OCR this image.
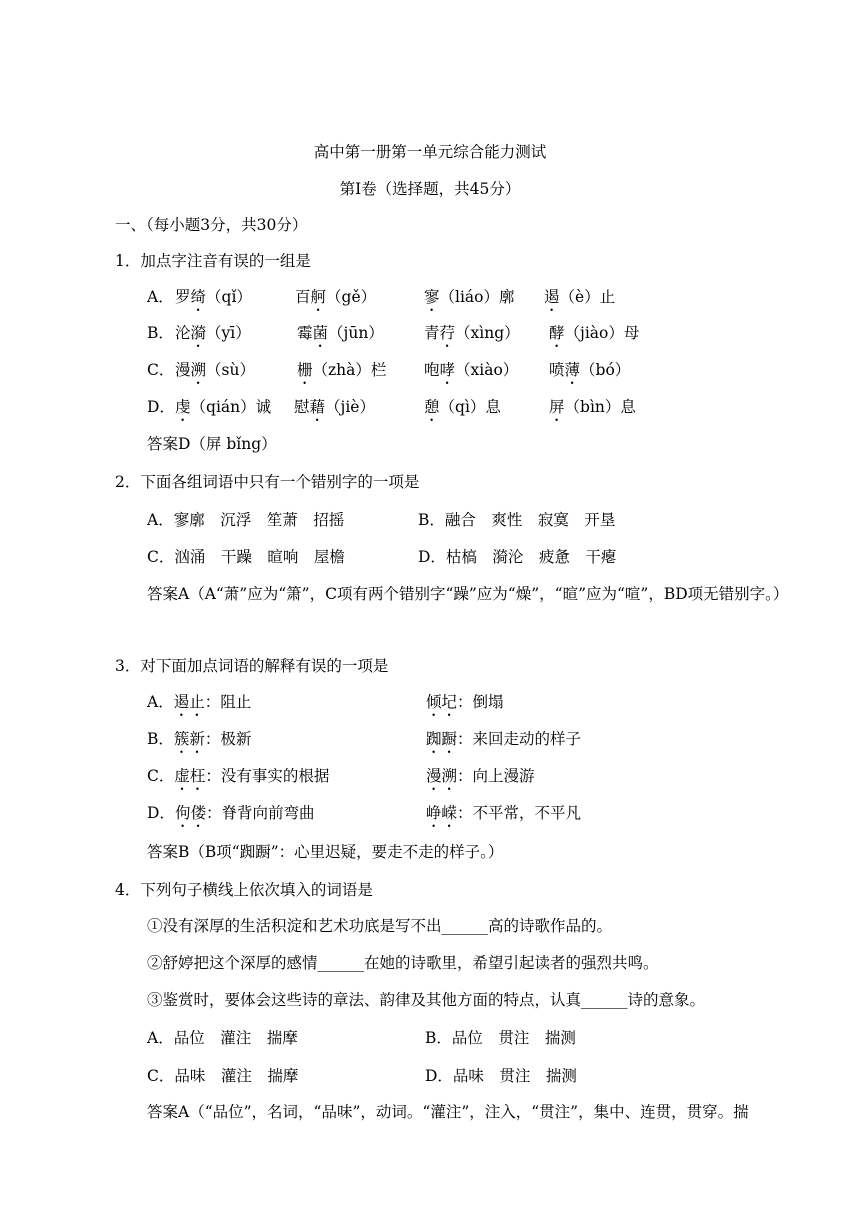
高中第一册第一单元综合能力测试
第Ⅰ卷（选择题，共45分）
一、（每小题3分，共30分）
1．加点字注音有误的一组是
A． 罗绮（qǐ）	百舸（gě）	寥（liáo）廓 遏（è）止
B． 沦漪（yī）	霉菌（jūn）	青荇（xìng） 酵（jiào）母
C． 漫溯（sù）	栅（zhà）栏 咆哮（xiào） 喷薄（bó）
D． 虔（qián）诚 慰藉（jiè）	憩（qì）息	屏（bìn）息
答案D（屏 bǐng）
2．下面各组词语中只有一个错别字的一项是
A．寥廓　沉浮　笙萧　招摇	B．融合　爽性　寂寞　开垦
C．汹涌　干躁　暄响　屋檐	D．枯槁　漪沦　疲惫　干瘪
答案A（A“萧”应为“箫”，C项有两个错别字“躁”应为“燥”，“暄”应为“喧”，BD项无错别字。）
3．对下面加点词语的解释有误的一项是
A．遏止：阻止	倾圮：倒塌
B．簇新：极新	踟蹰：来回走动的样子
C．虚枉：没有事实的根据	漫溯：向上漫游
D．佝偻：脊背向前弯曲	峥嵘：不平常，不平凡
答案B（B项“踟蹰”：心里迟疑，要走不走的样子。）
4．下列句子横线上依次填入的词语是
①没有深厚的生活积淀和艺术功底是写不出______高的诗歌作品的。
②舒婷把这个深厚的感情______在她的诗歌里，希望引起读者的强烈共鸣。
③鉴赏时，要体会这些诗的章法、韵律及其他方面的特点，认真______诗的意象。
A．品位　灌注　揣摩	B．品位　贯注　揣测
C．品味　灌注　揣摩	D．品味　贯注　揣测
答案A（“品位”，名词，“品味”，动词。“灌注”，注入，“贯注”，集中、连贯，贯穿。揣
